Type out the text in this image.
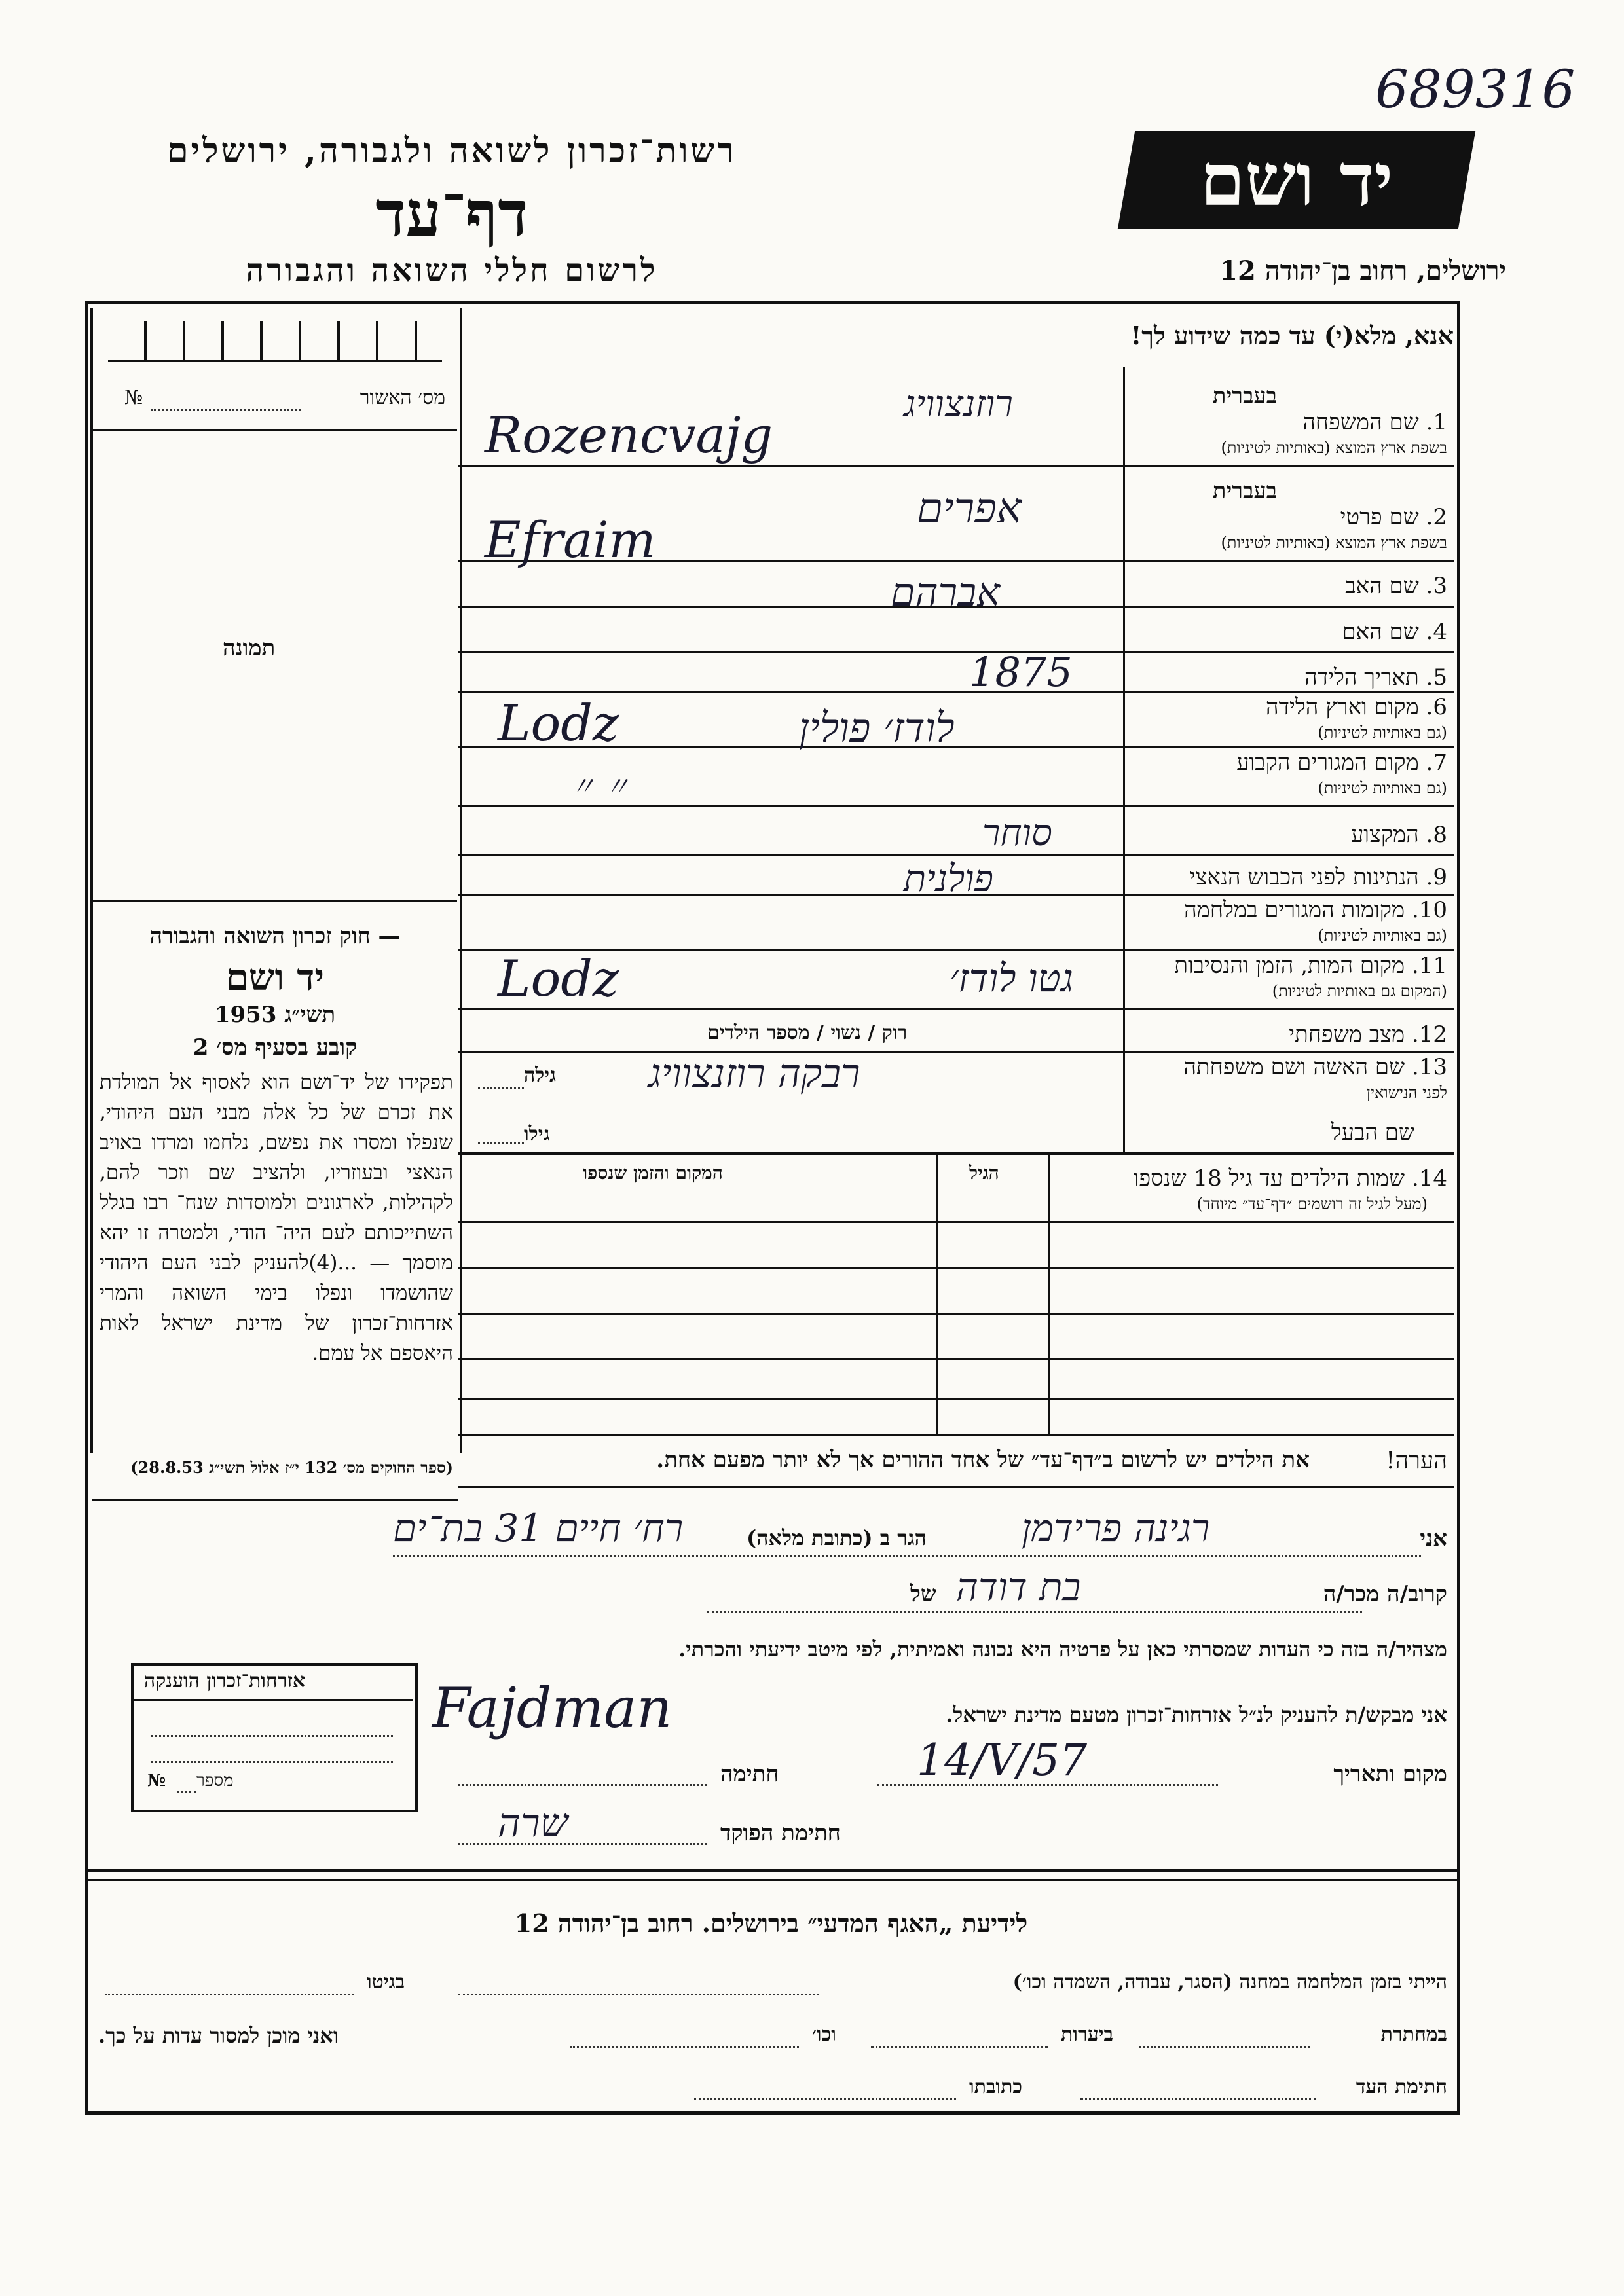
689316
יד ושם
רשות־זכרון לשואה ולגבורה, ירושלים
דף־עד
לרשום חללי השואה והגבורה	ירושלים, רחוב בן־יהודה 12
אנא, מלא(י) עד כמה שידוע לך!
מס׳ האשור
№
תמונה
— חוק זכרון השואה והגבורה
יד ושם
תשי״ג 1953
קובע בסעיף מס׳ 2
תפקידו של יד־ושם הוא לאסוף אל המולדת את זכרם של כל אלה מבני העם היהודי, שנפלו ומסרו את נפשם, נלחמו ומרדו באויב הנאצי ובעוזריו, ולהציב שם וזכר להם, לקהילות, לארגונים ולמוסדות שנח־ רבו בגלל השתייכותם לעם היה־ הודי, ולמטרה זו יהא מוסמך — ...(4)להעניק לבני העם היהודי שהושמדו ונפלו בימי השואה והמרי אזרחות־זכרון של מדינת ישראל לאות היאספם אל עמם.
(ספר החוקים מס׳ 132 י״ז אלול תשי״ג 28.8.53)
בעברית
1. שם המשפחה
בשפת ארץ המוצא (באותיות לטיניות)
בעברית
2. שם פרטי
בשפת ארץ המוצא (באותיות לטיניות)
3. שם האב
4. שם האם
5. תאריך הלידה
6. מקום וארץ הלידה
(גם באותיות לטיניות)
7. מקום המגורים הקבוע
(גם באותיות לטיניות)
8. המקצוע
9. הנתינות לפני הכבוש הנאצי
10. מקומות המגורים במלחמה
(גם באותיות לטיניות)
11. מקום המות, הזמן והנסיבות
(המקום גם באותיות לטיניות)
12. מצב משפחתי
13. שם האשה ושם משפחתה
לפני הנישואין
שם הבעל
רוזנצוויג
Rozencvajg
אפרים
Efraim
אברהם
1875
לודז׳ פולין
Lodz
〃 〃
סוחר
פולנית
גטו לודז׳
Lodz
רוק / נשוי / מספר הילדים
רבקה רוזנצוויג
גילה
גילו
14. שמות הילדים עד גיל 18 שנספו
(מעל לגיל זה רושמים ״דף־עד״ מיוחד)
הגיל
המקום והזמן שנספו
הערה!
את הילדים יש לרשום ב״דף־עד״ של אחד ההורים אך לא יותר מפעם אחת.
אני
רגינה פרידמן
הגר ב (כתובת מלאה)
רח׳ חיים 31 בת־ים
קרוב/ה מכר/ה
בת דודה
של
מצהיר/ה בזה כי העדות שמסרתי כאן על פרטיה היא נכונה ואמיתית, לפי מיטב ידיעתי והכרתי.
Fajdman	אני מבקש/ת להעניק לנ״ל אזרחות־זכרון מטעם מדינת ישראל.
מקום ותאריך
14/V/57
חתימה
חתימת הפוקד
שרה
אזרחות־זכרון הוענקה
מספר
№
לידיעת „האגף המדעי״ בירושלים. רחוב בן־יהודה 12
הייתי בזמן המלחמה במחנה (הסגר, עבודה, השמדה וכו׳)
בגיטו
במחתרת
ביערות
וכו׳
ואני מוכן למסור עדות על כך.
חתימת העד
כתובתו
